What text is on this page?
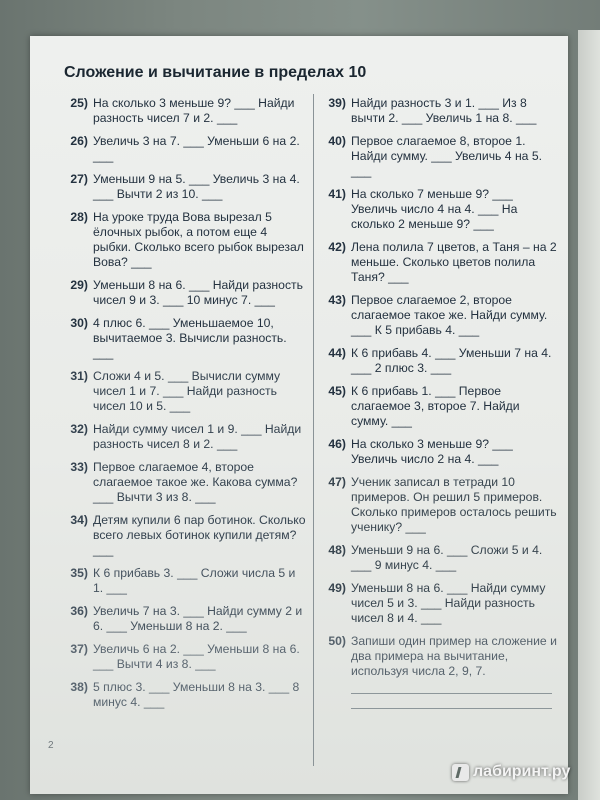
Сложение и вычитание в пределах 10
25) На сколько 3 меньше 9? ___ Найди разность чисел 7 и 2. ___
26) Увеличь 3 на 7. ___ Уменьши 6 на 2. ___
27) Уменьши 9 на 5. ___ Увеличь 3 на 4. ___ Вычти 2 из 10. ___
28) На уроке труда Вова вырезал 5 ёлочных рыбок, а потом еще 4 рыбки. Сколько всего рыбок вырезал Вова? ___
29) Уменьши 8 на 6. ___ Найди разность чисел 9 и 3. ___ 10 минус 7. ___
30) 4 плюс 6. ___ Уменьшаемое 10, вычитаемое 3. Вычисли разность. ___
31) Сложи 4 и 5. ___ Вычисли сумму чисел 1 и 7. ___ Найди разность чисел 10 и 5. ___
32) Найди сумму чисел 1 и 9. ___ Найди разность чисел 8 и 2. ___
33) Первое слагаемое 4, второе слагаемое такое же. Какова сумма? ___ Вычти 3 из 8. ___
34) Детям купили 6 пар ботинок. Сколько всего левых ботинок купили детям? ___
35) К 6 прибавь 3. ___ Сложи числа 5 и 1. ___
36) Увеличь 7 на 3. ___ Найди сумму 2 и 6. ___ Уменьши 8 на 2. ___
37) Увеличь 6 на 2. ___ Уменьши 8 на 6. ___ Вычти 4 из 8. ___
38) 5 плюс 3. ___ Уменьши 8 на 3. ___ 8 минус 4. ___
39) Найди разность 3 и 1. ___ Из 8 вычти 2. ___ Увеличь 1 на 8. ___
40) Первое слагаемое 8, второе 1. Найди сумму. ___ Увеличь 4 на 5. ___
41) На сколько 7 меньше 9? ___ Увеличь число 4 на 4. ___ На сколько 2 меньше 9? ___
42) Лена полила 7 цветов, а Таня – на 2 меньше. Сколько цветов полила Таня? ___
43) Первое слагаемое 2, второе слагаемое такое же. Найди сумму. ___ К 5 прибавь 4. ___
44) К 6 прибавь 4. ___ Уменьши 7 на 4. ___ 2 плюс 3. ___
45) К 6 прибавь 1. ___ Первое слагаемое 3, второе 7. Найди сумму. ___
46) На сколько 3 меньше 9? ___ Увеличь число 2 на 4. ___
47) Ученик записал в тетради 10 примеров. Он решил 5 примеров. Сколько примеров осталось решить ученику? ___
48) Уменьши 9 на 6. ___ Сложи 5 и 4. ___ 9 минус 4. ___
49) Уменьши 8 на 6. ___ Найди сумму чисел 5 и 3. ___ Найди разность чисел 8 и 4. ___
50) Запиши один пример на сложение и два примера на вычитание, используя числа 2, 9, 7.
2
лабиринт.ру
